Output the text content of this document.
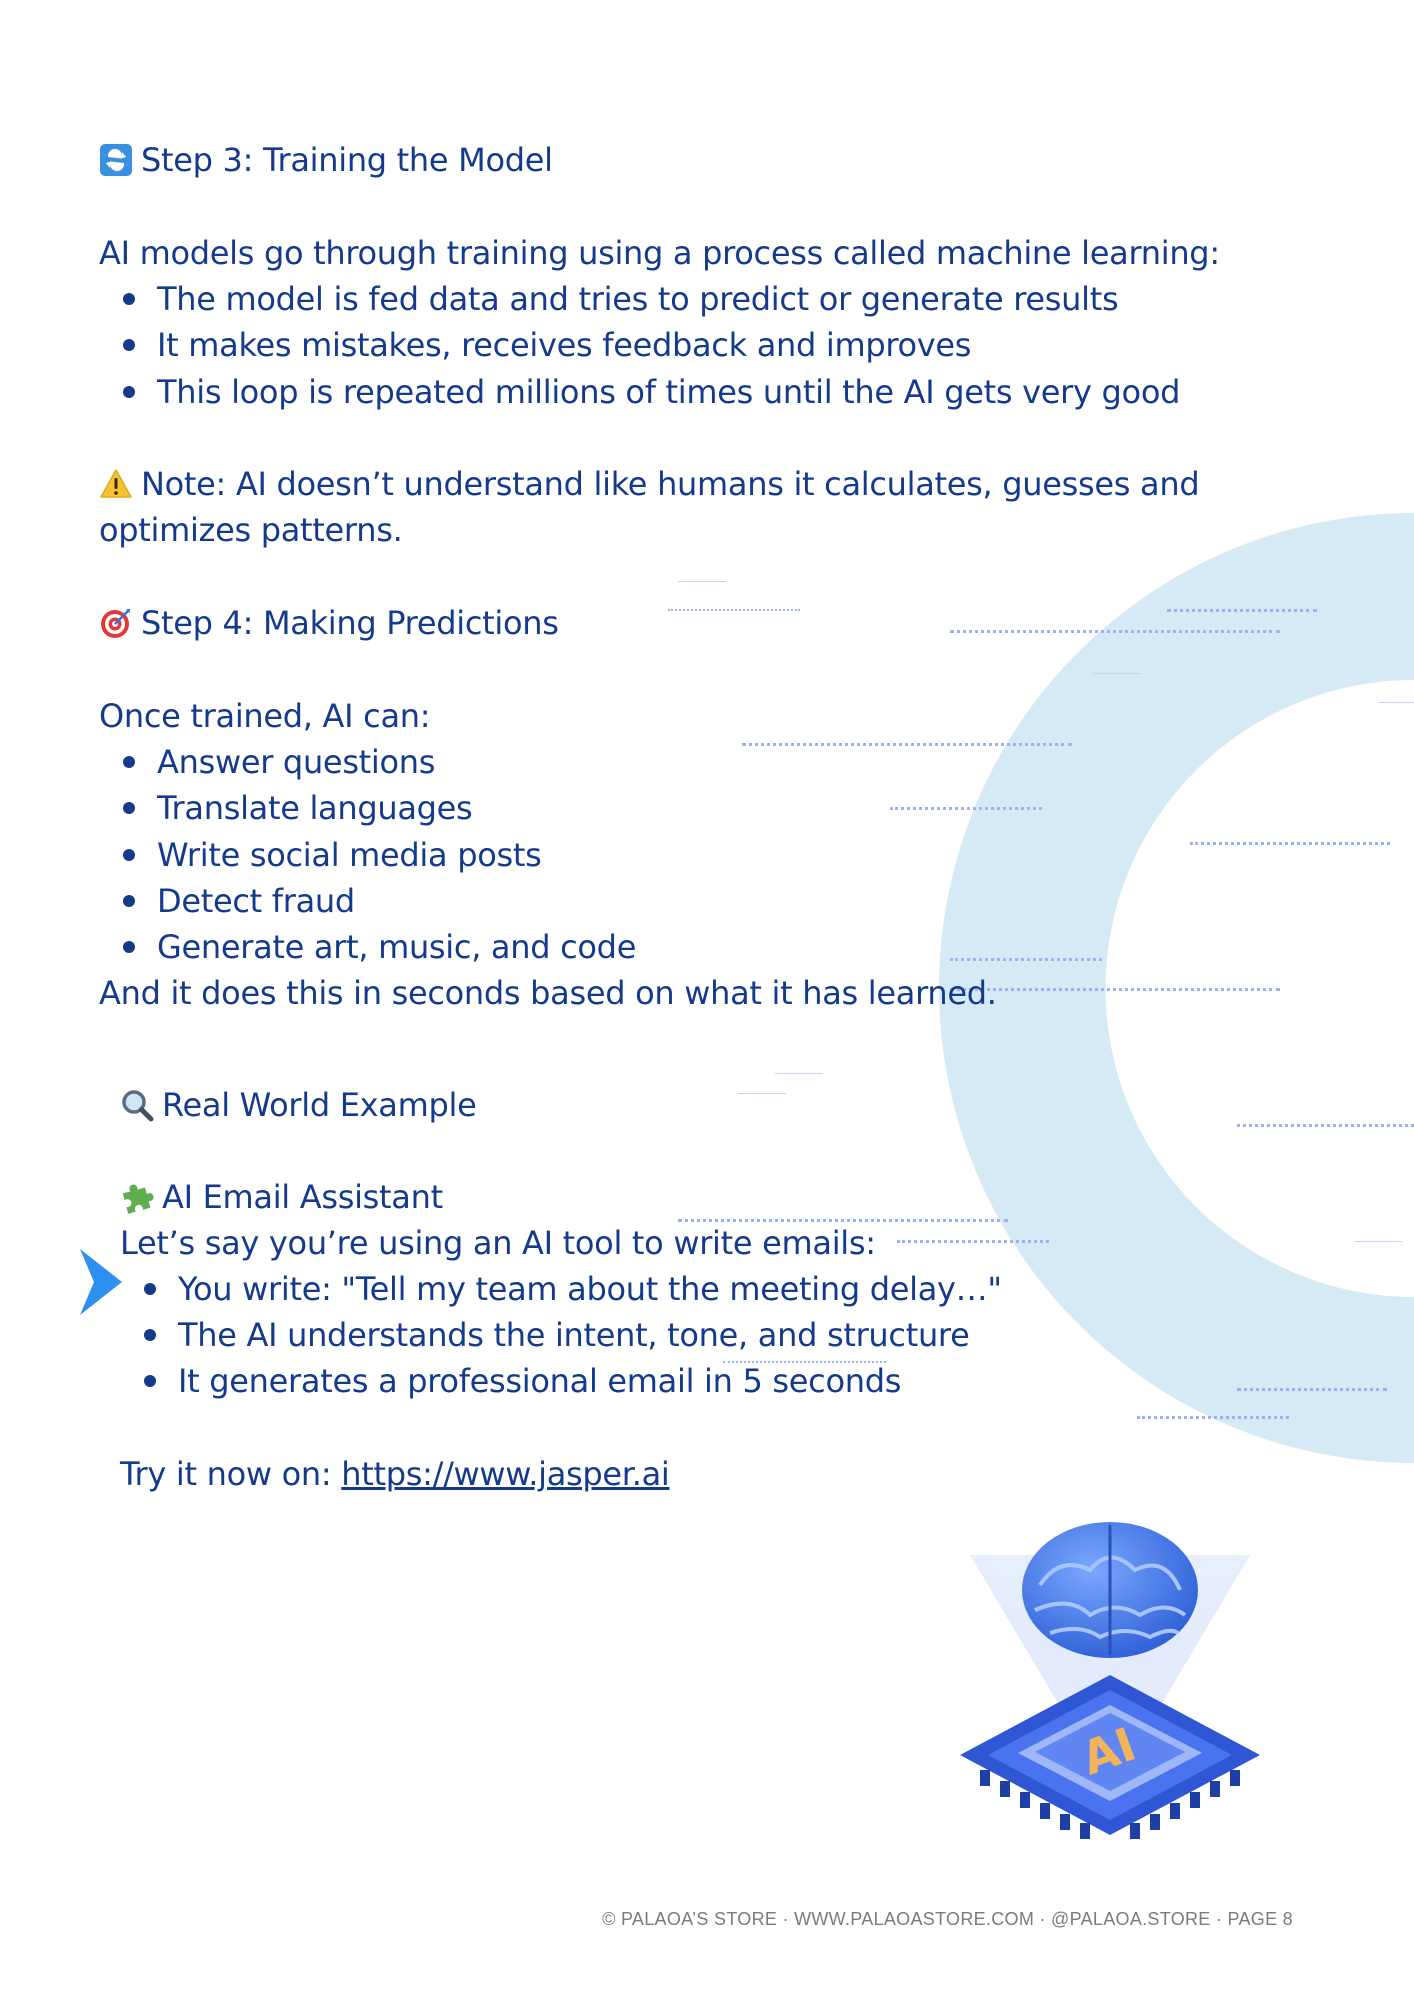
Step 3: Training the Model
AI models go through training using a process called machine learning:
The model is fed data and tries to predict or generate results
It makes mistakes, receives feedback and improves
This loop is repeated millions of times until the AI gets very good
Note: AI doesn’t understand like humans it calculates, guesses and
optimizes patterns.
Step 4: Making Predictions
Once trained, AI can:
Answer questions
Translate languages
Write social media posts
Detect fraud
Generate art, music, and code
And it does this in seconds based on what it has learned.
Real World Example
AI Email Assistant
Let’s say you’re using an AI tool to write emails:
You write: "Tell my team about the meeting delay…"
The AI understands the intent, tone, and structure
It generates a professional email in 5 seconds
Try it now on: https://www.jasper.ai
AI
© PALAOA’S STORE · WWW.PALAOASTORE.COM · @PALAOA.STORE · PAGE 8
